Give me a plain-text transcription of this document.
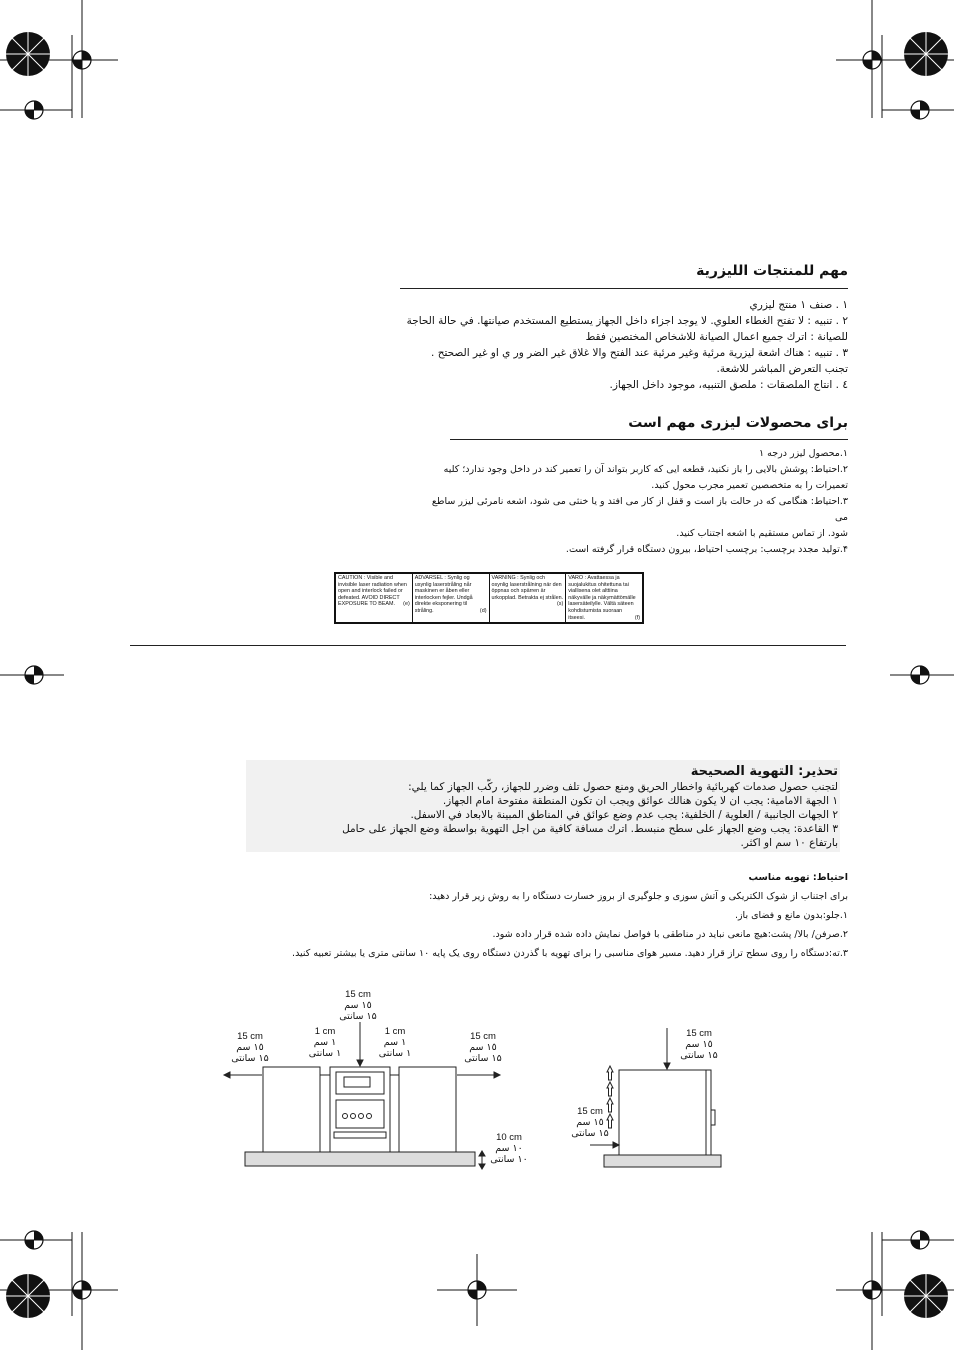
مهم للمنتجات الليزرية
١ . صنف ١ منتج ليزري
٢ . تنبيه : لا تفتح الغطاء العلوي. لا يوجد اجزاء داخل الجهاز يستطيع المستخدم صيانتها. في حالة الحاجة
للصيانة : اترك جميع اعمال الصيانة للاشخاص المختصين فقط
٣ . تنبيه : هناك اشعة ليزرية مرئية وغير مرئية عند الفتح والا غلاق غير الضر ور ي او غير الصحتح .
تجنب التعرض المباشر للاشعة.
٤ . انتاج الملصقات : ملصق التنبيه، موجود داخل الجهاز.
برای محصولات لیزری مهم است
۱.محصول لیزر درجه ۱
۲.احتیاط: پوشش بالایی را باز نکنید، قطعه ایی که کاربر بتواند آن را تعمیر کند در داخل وجود ندارد؛ کلیه
تعمیرات را به متخصصین تعمیر مجرب محول کنید.
۳.احتیاط: هنگامی که در حالت باز است و قفل از کار می افتد و یا خنثی می شود، اشعه نامرئی لیزر ساطع می
شود. از تماس مستقیم با اشعه اجتناب کنید.
۴.تولید مجدد برچسب: برچسب احتیاط، بیرون دستگاه قرار گرفته است.
CAUTION : Visible and invisible laser radiation when open and interlock failed or defeated. AVOID DIRECT EXPOSURE TO BEAM. (e)
ADVARSEL : Synlig og usynlig laserstråling når maskinen er åben eller interlocken fejler. Undgå direkte eksponering til stråling.	(d)
VARNING : Synlig och osynlig laserstrålning när den öppnas och spärren är urkopplad. Betrakta ej strålen.
(s)
VARO : Avattaessa ja suojalukitus ohitettuna tai viallisena olet alttiina näkyvälle ja näkymättömälle lasersäteilylle. Vältä säteen kohdistumista suoraan itseesi.	(f)
تحذير: التهوية الصحيحة
لتجنب حصول صدمات كهربائية واخطار الحريق ومنع حصول تلف وضرر للجهاز، ركّب الجهاز كما يلي:
١ الجهة الامامية: يجب ان لا يكون هنالك عوائق ويجب ان تكون المنطقة مفتوحة امام الجهاز.
٢ الجهات الجانبية / العلوية / الخلفية: يجب عدم وضع عوائق في المناطق المبينة بالابعاد في الاسفل.
٣ القاعدة: يجب وضع الجهاز على سطح منبسط. اترك مسافة كافية من اجل التهوية بواسطة وضع الجهاز على حامل
بارتفاع ١٠ سم او اكثر.
احتیاط: تهویه مناسب
برای اجتناب از شوک الکتریکی و آتش سوزی و جلوگیری از بروز خسارت دستگاه را به روش زیر قرار دهید:
۱.جلو:بدون مانع و فضای باز.
۲.صرفن/ بالا/ پشت:هیچ مانعی نباید در مناطقی با فواصل نمایش داده شده قرار داده شود.
۳.ته:دستگاه را روی سطح تراز قرار دهید. مسیر هوای مناسبی را برای تهویه با گذردن دستگاه روی یک پایه ۱۰ سانتی متری یا بیشتر تعبیه کنید.
15 cm
١٥ سم
۱۵ سانتی
15 cm
١٥ سم
۱۵ سانتی
1 cm
١ سم
۱ سانتی
1 cm
١ سم
۱ سانتی
15 cm
١٥ سم
۱۵ سانتی
10 cm
١٠ سم
۱۰ سانتی
15 cm
١٥ سم
۱۵ سانتی
15 cm
١٥ سم
۱۵ سانتی
